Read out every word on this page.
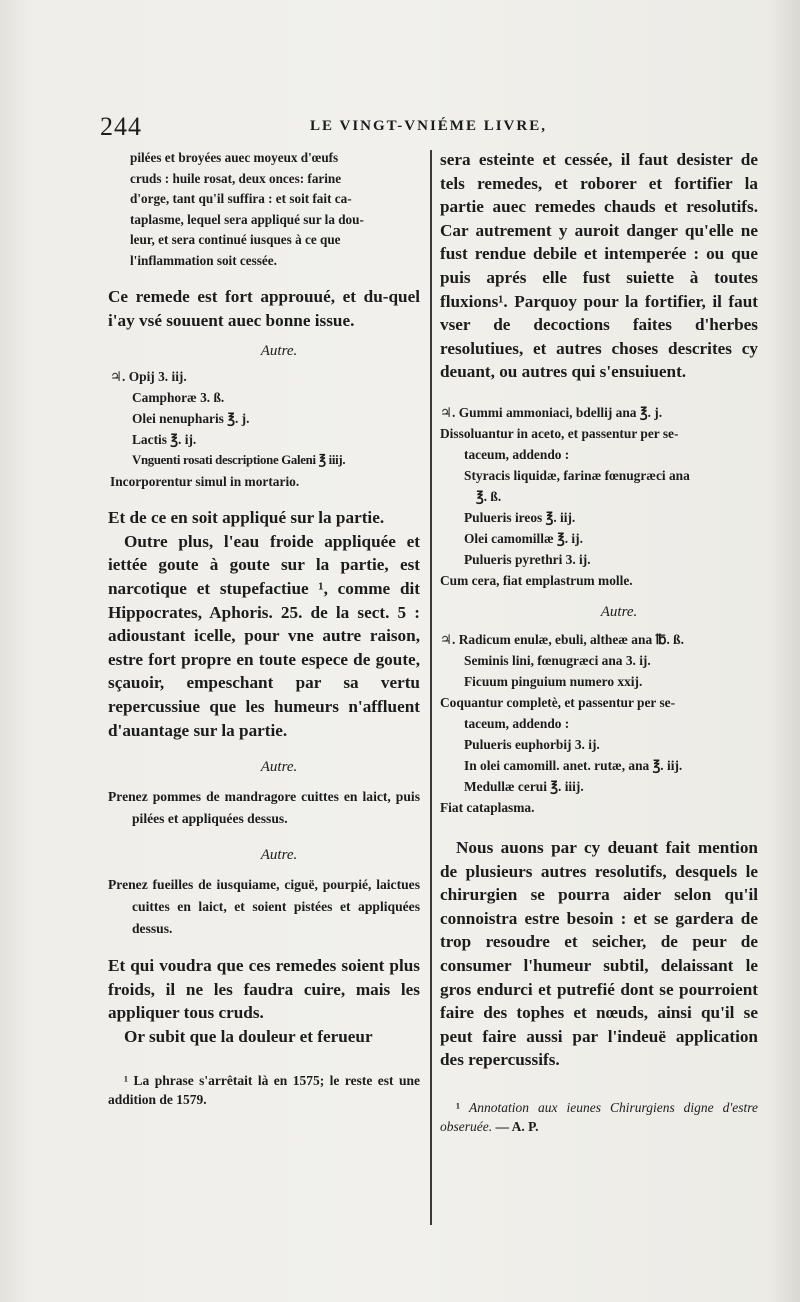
244	LE VINGT-VNIÉME LIVRE,
pilées et broyées auec moyeux d'œufs
cruds : huile rosat, deux onces: farine
d'orge, tant qu'il suffira : et soit fait ca-
taplasme, lequel sera appliqué sur la dou-
leur, et sera continué iusques à ce que
l'inflammation soit cessée.

Ce remede est fort approuué, et du-quel i'ay vsé souuent auec bonne issue.

Autre.
♃. Opij 3. iij.
Camphoræ 3. ß.
Olei nenupharis ℥. j.
Lactis ℥. ij.
Vnguenti rosati descriptione Galeni ℥ iiij.
Incorporentur simul in mortario.

Et de ce en soit appliqué sur la partie.

Outre plus, l'eau froide appliquée et iettée goute à goute sur la partie, est narcotique et stupefactiue ¹, comme dit Hippocrates, Aphoris. 25. de la sect. 5 : adioustant icelle, pour vne autre raison, estre fort propre en toute espece de goute, sçauoir, empeschant par sa vertu repercussiue que les humeurs n'affluent d'auantage sur la partie.

Autre.

Prenez pommes de mandragore cuittes en laict, puis pilées et appliquées dessus.

Autre.

Prenez fueilles de iusquiame, ciguë, pourpié, laictues cuittes en laict, et soient pistées et appliquées dessus.

Et qui voudra que ces remedes soient plus froids, il ne les faudra cuire, mais les appliquer tous cruds.

Or subit que la douleur et ferueur

¹ La phrase s'arrêtait là en 1575; le reste est une addition de 1579.

sera esteinte et cessée, il faut desister de tels remedes, et roborer et fortifier la partie auec remedes chauds et resolutifs. Car autrement y auroit danger qu'elle ne fust rendue debile et intemperée : ou que puis aprés elle fust suiette à toutes fluxions¹. Parquoy pour la fortifier, il faut vser de decoctions faites d'herbes resolutiues, et autres choses descrites cy deuant, ou autres qui s'ensuiuent.

♃. Gummi ammoniaci, bdellij ana ℥. j.
Dissoluantur in aceto, et passentur per se-
taceum, addendo :
Styracis liquidæ, farinæ fœnugræci ana
℥. ß.
Pulueris ireos ℥. iij.
Olei camomillæ ℥. ij.
Pulueris pyrethri 3. ij.
Cum cera, fiat emplastrum molle.
Autre.
♃. Radicum enulæ, ebuli, altheæ ana ℔. ß.
Seminis lini, fœnugræci ana 3. ij.
Ficuum pinguium numero xxij.
Coquantur completè, et passentur per se-
taceum, addendo :
Pulueris euphorbij 3. ij.
In olei camomill. anet. rutæ, ana ℥. iij.
Medullæ cerui ℥. iiij.
Fiat cataplasma.

Nous auons par cy deuant fait mention de plusieurs autres resolutifs, desquels le chirurgien se pourra aider selon qu'il connoistra estre besoin : et se gardera de trop resoudre et seicher, de peur de consumer l'humeur subtil, delaissant le gros endurci et putrefié dont se pourroient faire des tophes et nœuds, ainsi qu'il se peut faire aussi par l'indeuë application des repercussifs.

¹ Annotation aux ieunes Chirurgiens digne d'estre obseruée. — A. P.
